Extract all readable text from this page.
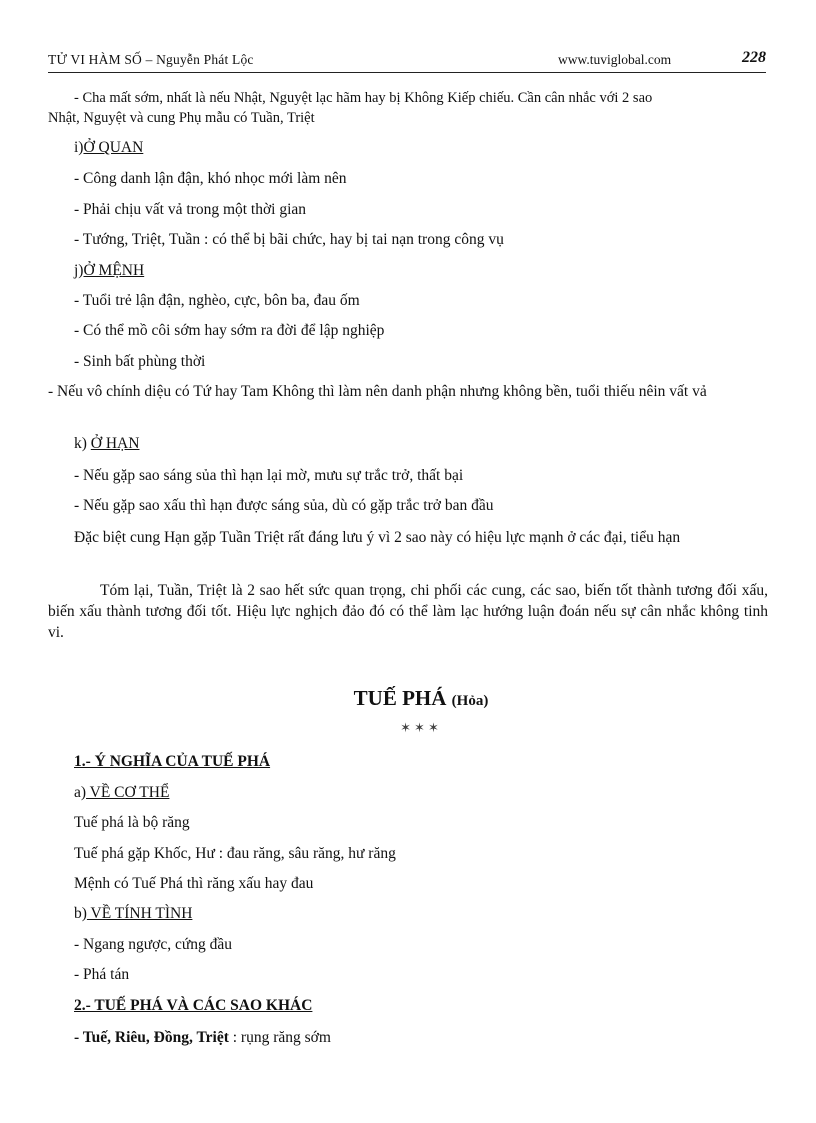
TỬ VI HÀM SỐ – Nguyễn Phát Lộc	www.tuviglobal.com	228
- Cha mất sớm, nhất là nếu Nhật, Nguyệt lạc hãm hay bị Không Kiếp chiếu. Cần cân nhắc với 2 sao
Nhật, Nguyệt và cung Phụ mẫu có Tuần, Triệt
i)Ở QUAN
- Công danh lận đận, khó nhọc mới làm nên
- Phải chịu vất vả trong một thời gian
- Tướng, Triệt, Tuần : có thể bị bãi chức, hay bị tai nạn trong công vụ
j)Ở MỆNH
- Tuổi trẻ lận đận, nghèo, cực, bôn ba, đau ốm
- Có thể mồ côi sớm hay sớm ra đời để lập nghiệp
- Sinh bất phùng thời
- Nếu vô chính diệu có Tứ hay Tam Không thì làm nên danh phận nhưng không bền, tuổi thiếu nêin vất vả
k) Ở HẠN
- Nếu gặp sao sáng sủa thì hạn lại mờ, mưu sự trắc trở, thất bại
- Nếu gặp sao xấu thì hạn được sáng sủa, dù có gặp trắc trở ban đầu
Đặc biệt cung Hạn gặp Tuần Triệt rất đáng lưu ý vì 2 sao này có hiệu lực mạnh ở các đại, tiểu hạn
Tóm lại, Tuần, Triệt là 2 sao hết sức quan trọng, chi phối các cung, các sao, biến tốt thành tương đối xấu, biến xấu thành tương đối tốt. Hiệu lực nghịch đảo đó có thể làm lạc hướng luận đoán nếu sự cân nhắc không tinh vi.
TUẾ PHÁ (Hỏa)
✶✶✶
1.- Ý NGHĨA CỦA TUẾ PHÁ
a) VỀ CƠ THỂ
Tuế phá là bộ răng
Tuế phá gặp Khốc, Hư : đau răng, sâu răng, hư răng
Mệnh có Tuế Phá thì răng xấu hay đau
b) VỀ TÍNH TÌNH
- Ngang ngược, cứng đầu
- Phá tán
2.- TUẾ PHÁ VÀ CÁC SAO KHÁC
- Tuế, Riêu, Đồng, Triệt : rụng răng sớm
